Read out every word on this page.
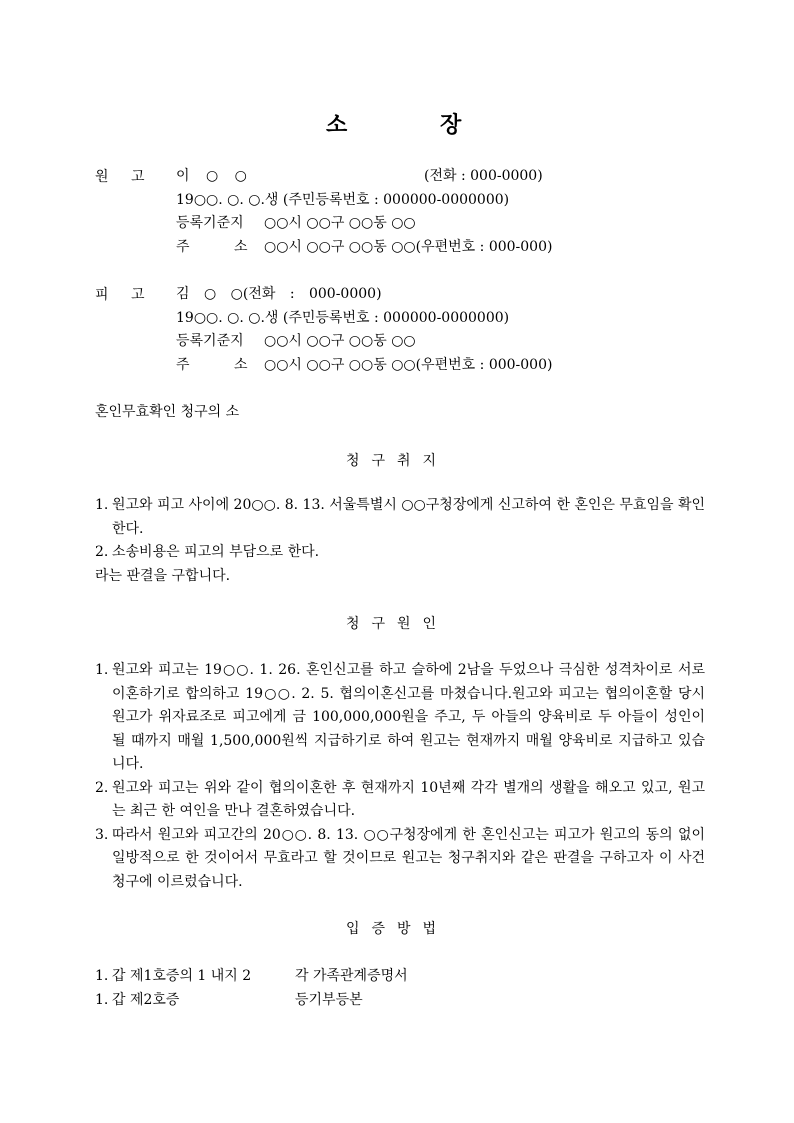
소	장
원 고 이 ○ ○	(전화 : 000-0000)
19○○. ○. ○.생 (주민등록번호 : 000000-0000000)
등록기준지 ○○시 ○○구 ○○동 ○○
주	소 ○○시 ○○구 ○○동 ○○(우편번호 : 000-000)
피 고 김 ○ ○(전화 : 000-0000)
19○○. ○. ○.생 (주민등록번호 : 000000-0000000)
등록기준지 ○○시 ○○구 ○○동 ○○
주	소 ○○시 ○○구 ○○동 ○○(우편번호 : 000-000)
혼인무효확인 청구의 소
청구취지
1. 원고와 피고 사이에 20○○. 8. 13. 서울특별시 ○○구청장에게 신고하여 한 혼인은 무효임을 확인한다.
2. 소송비용은 피고의 부담으로 한다.
라는 판결을 구합니다.
청구원인
1. 원고와 피고는 19○○. 1. 26. 혼인신고를 하고 슬하에 2남을 두었으나 극심한 성격차이로 서로 이혼하기로 합의하고 19○○. 2. 5. 협의이혼신고를 마쳤습니다.원고와 피고는 협의이혼할 당시 원고가 위자료조로 피고에게 금 100,000,000원을 주고, 두 아들의 양육비로 두 아들이 성인이 될 때까지 매월 1,500,000원씩 지급하기로 하여 원고는 현재까지 매월 양육비로 지급하고 있습니다.
2. 원고와 피고는 위와 같이 협의이혼한 후 현재까지 10년째 각각 별개의 생활을 해오고 있고, 원고는 최근 한 여인을 만나 결혼하였습니다.
3. 따라서 원고와 피고간의 20○○. 8. 13. ○○구청장에게 한 혼인신고는 피고가 원고의 동의 없이 일방적으로 한 것이어서 무효라고 할 것이므로 원고는 청구취지와 같은 판결을 구하고자 이 사건 청구에 이르렀습니다.
입증방법
1. 갑 제1호증의 1 내지 2	각 가족관계증명서
1. 갑 제2호증	등기부등본
